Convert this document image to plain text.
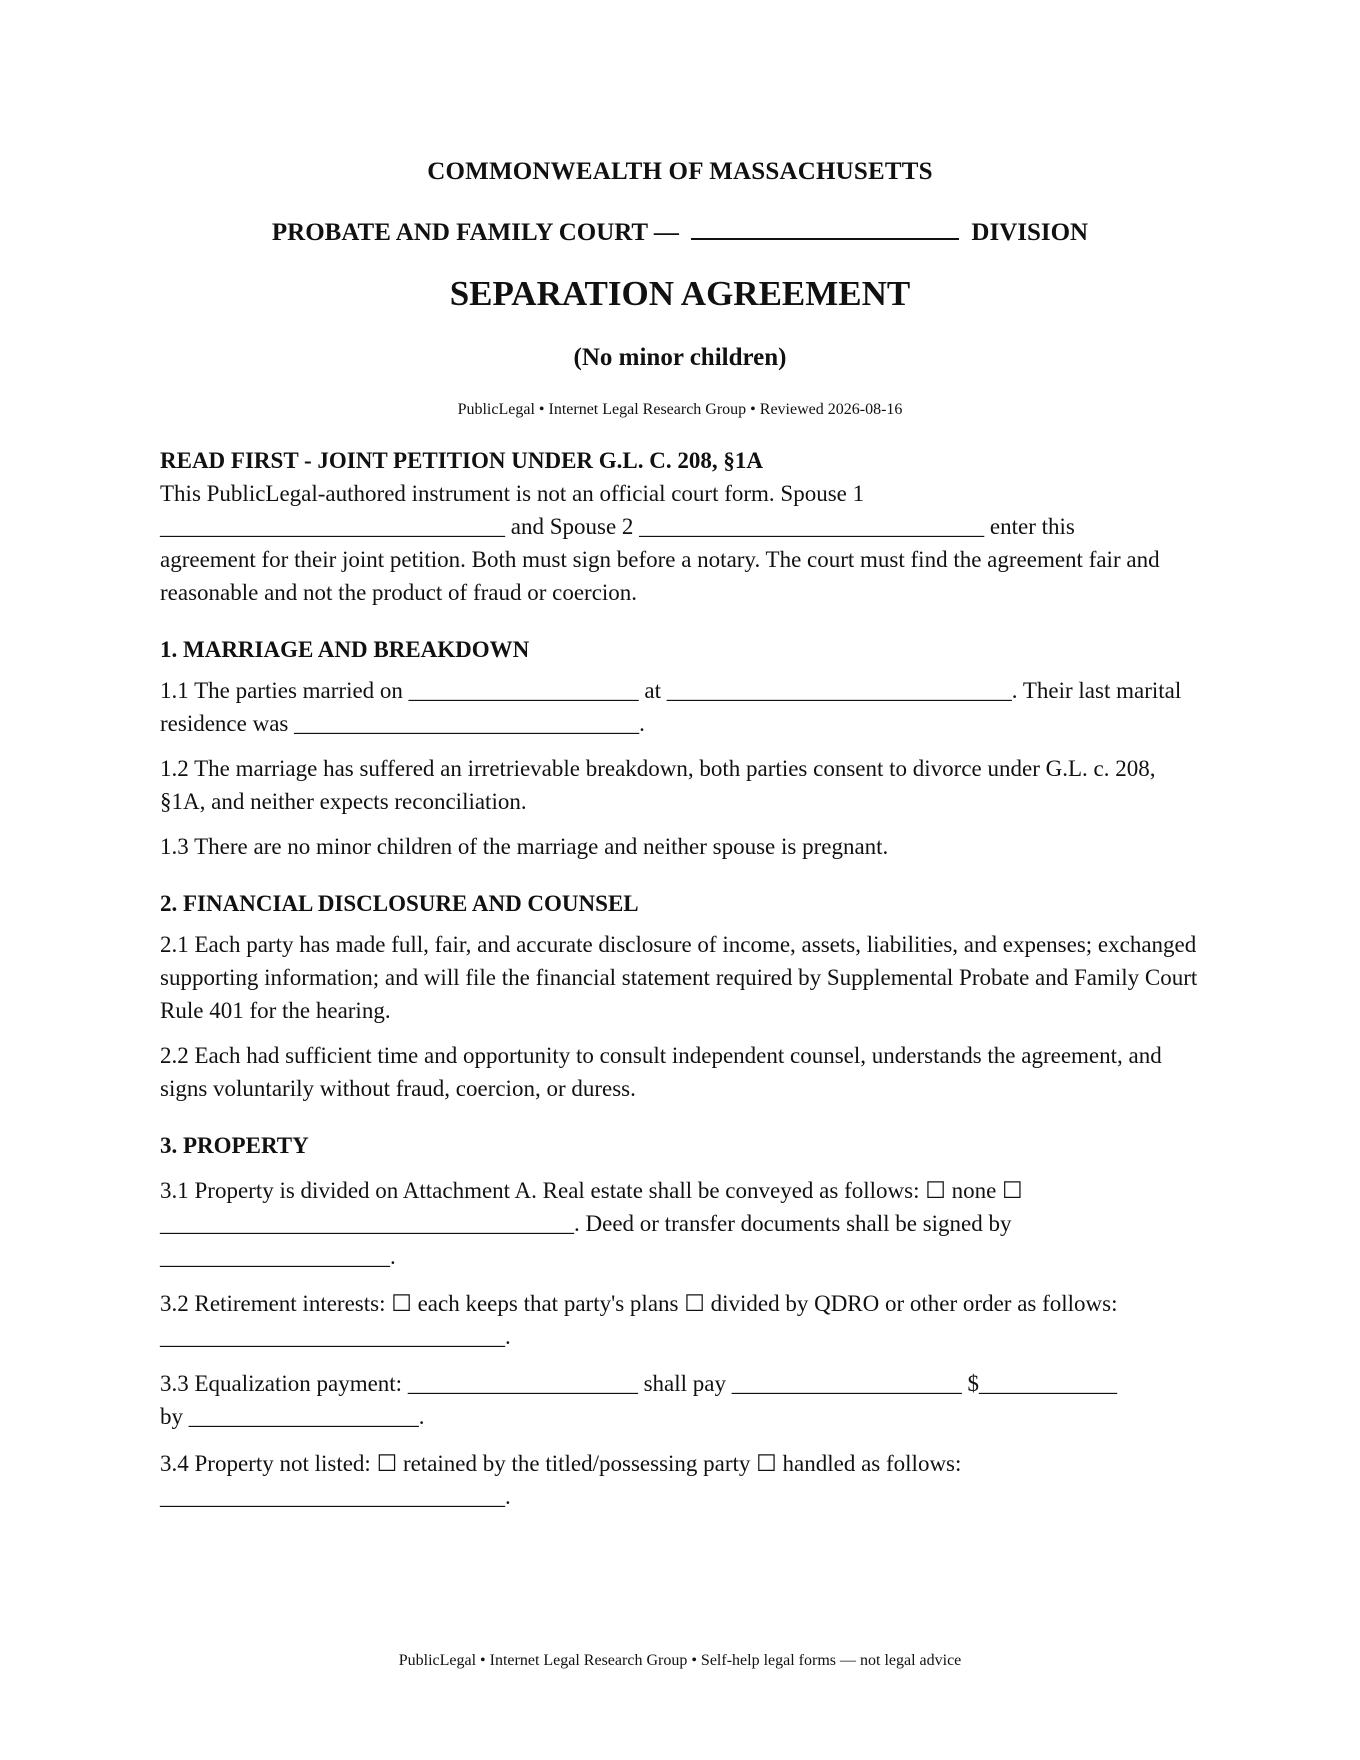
COMMONWEALTH OF MASSACHUSETTS
PROBATE AND FAMILY COURT —	DIVISION
SEPARATION AGREEMENT
(No minor children)
PublicLegal • Internet Legal Research Group • Reviewed 2026-08-16
READ FIRST - JOINT PETITION UNDER G.L. C. 208, §1A

This PublicLegal-authored instrument is not an official court form. Spouse 1

______________________________ and Spouse 2 ______________________________ enter this

agreement for their joint petition. Both must sign before a notary. The court must find the agreement fair and reasonable and not the product of fraud or coercion.

1. MARRIAGE AND BREAKDOWN

1.1 The parties married on ____________________ at ______________________________. Their last marital residence was ______________________________.

1.2 The marriage has suffered an irretrievable breakdown, both parties consent to divorce under G.L. c. 208, §1A, and neither expects reconciliation.

1.3 There are no minor children of the marriage and neither spouse is pregnant.

2. FINANCIAL DISCLOSURE AND COUNSEL

2.1 Each party has made full, fair, and accurate disclosure of income, assets, liabilities, and expenses; exchanged supporting information; and will file the financial statement required by Supplemental Probate and Family Court Rule 401 for the hearing.

2.2 Each had sufficient time and opportunity to consult independent counsel, understands the agreement, and signs voluntarily without fraud, coercion, or duress.

3. PROPERTY

3.1 Property is divided on Attachment A. Real estate shall be conveyed as follows: ☐ none ☐

____________________________________. Deed or transfer documents shall be signed by

____________________.

3.2 Retirement interests: ☐ each keeps that party's plans ☐ divided by QDRO or other order as follows:

______________________________.

3.3 Equalization payment: ____________________ shall pay ____________________ $____________

by ____________________.

3.4 Property not listed: ☐ retained by the titled/possessing party ☐ handled as follows:

______________________________.

PublicLegal • Internet Legal Research Group • Self-help legal forms — not legal advice
